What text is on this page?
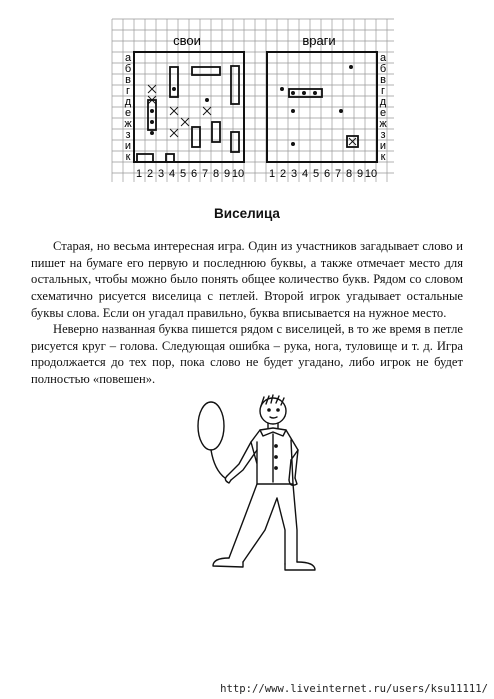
свои	враги
а	а
б	б
в	в
г	г
д	д
е	е
ж	ж
з	з
и	и
к	к
1	1
2	2
3	3
4	4
5	5
6	6
7	7
8	8
9	9
10	10
Виселица

Старая, но весьма интересная игра. Один из участников загадывает слово и пишет на бумаге его первую и последнюю буквы, а также отмечает место для остальных, чтобы можно было понять общее количество букв. Рядом со словом схематично рисуется виселица с петлей. Второй игрок угадывает остальные буквы слова. Если он угадал правильно, буква вписывается на нужное место.

Неверно названная буква пишется рядом с виселицей, в то же время в петле рисуется круг – голова. Следующая ошибка – рука, нога, туловище и т. д. Игра продолжается до тех пор, пока слово не будет угадано, либо игрок не будет полностью «повешен».

http://www.liveinternet.ru/users/ksu11111/
